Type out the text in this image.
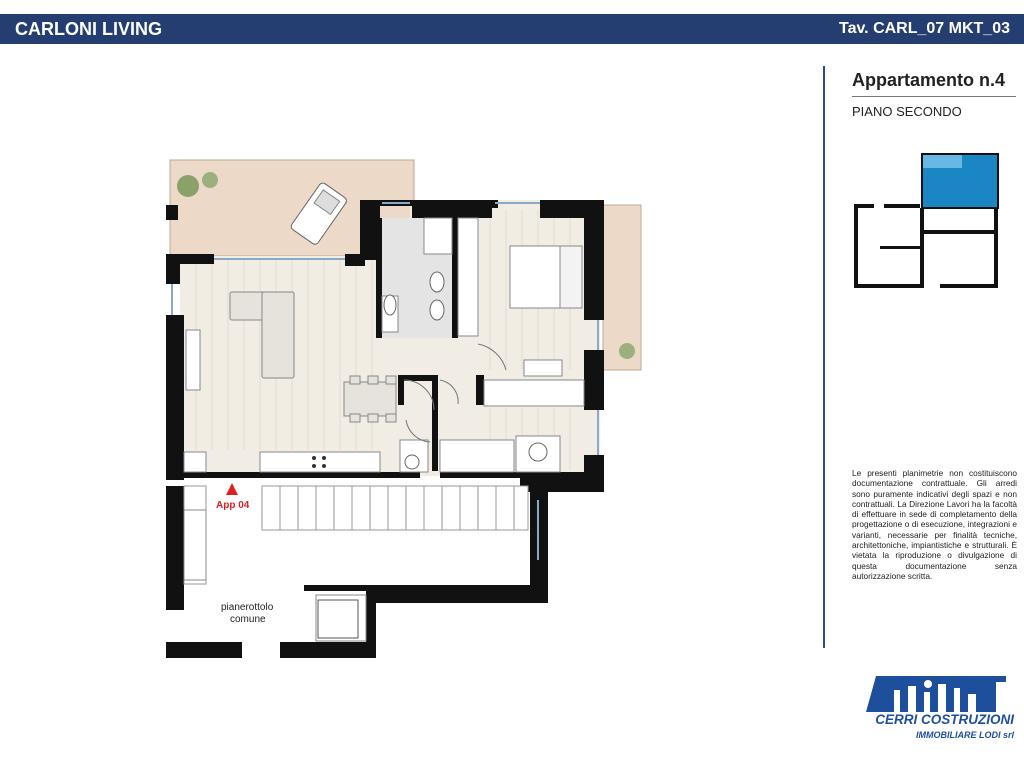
CARLONI LIVING	Tav. CARL_07 MKT_03
App 04
pianerottolo
comune
Appartamento n.4
PIANO SECONDO
Le presenti planimetrie non costituiscono documentazione contrattuale. Gli arredi sono puramente indicativi degli spazi e non contrattuali. La Direzione Lavori ha la facoltà di effettuare in sede di completamento della progettazione o di esecuzione, integrazioni e varianti, necessarie per finalità tecniche, architettoniche, impiantistiche e strutturali. È vietata la riproduzione o divulgazione di questa documentazione senza autorizzazione scritta.
CERRI COSTRUZIONI
IMMOBILIARE LODI srl
